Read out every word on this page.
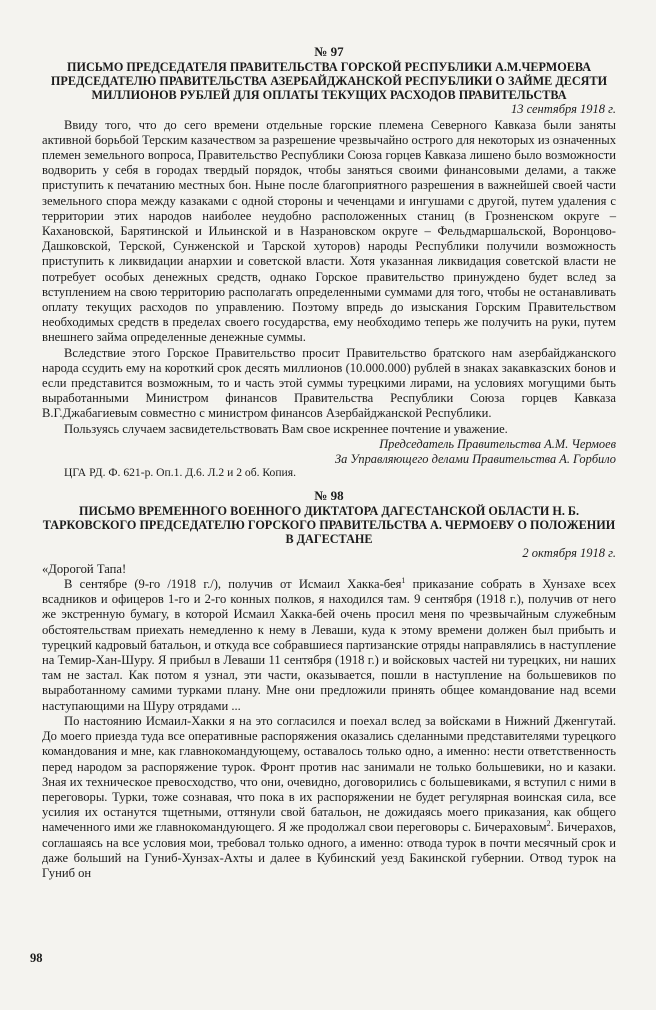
№ 97
ПИСЬМО ПРЕДСЕДАТЕЛЯ ПРАВИТЕЛЬСТВА ГОРСКОЙ РЕСПУБЛИКИ А.М.ЧЕРМОЕВА ПРЕДСЕДАТЕЛЮ ПРАВИТЕЛЬСТВА АЗЕРБАЙДЖАНСКОЙ РЕСПУБЛИКИ О ЗАЙМЕ ДЕСЯТИ МИЛЛИОНОВ РУБЛЕЙ ДЛЯ ОПЛАТЫ ТЕКУЩИХ РАСХОДОВ ПРАВИТЕЛЬСТВА
13 сентября 1918 г.

Ввиду того, что до сего времени отдельные горские племена Северного Кавказа были заняты активной борьбой Терским казачеством за разрешение чрезвычайно острого для некоторых из означенных племен земельного вопроса, Правительство Республики Союза горцев Кавказа лишено было возможности водворить у себя в городах твердый порядок, чтобы заняться своими финансовыми делами, а также приступить к печатанию местных бон. Ныне после благоприятного разрешения в важнейшей своей части земельного спора между казаками с одной стороны и чеченцами и ингушами с другой, путем удаления с территории этих народов наиболее неудобно расположенных станиц (в Грозненском округе – Кахановской, Барятинской и Ильинской и в Назрановском округе – Фельдмаршальской, Воронцово-Дашковской, Терской, Сунженской и Тарской хуторов) народы Республики получили возможность приступить к ликвидации анархии и советской власти. Хотя указанная ликвидация советской власти не потребует особых денежных средств, однако Горское правительство принуждено будет вслед за вступлением на свою территорию располагать определенными суммами для того, чтобы не останавливать оплату текущих расходов по управлению. Поэтому впредь до изыскания Горским Правительством необходимых средств в пределах своего государства, ему необходимо теперь же получить на руки, путем внешнего займа определенные денежные суммы.

Вследствие этого Горское Правительство просит Правительство братского нам азербайджанского народа ссудить ему на короткий срок десять миллионов (10.000.000) рублей в знаках закавказских бонов и если представится возможным, то и часть этой суммы турецкими лирами, на условиях могущими быть выработанными Министром финансов Правительства Республики Союза горцев Кавказа В.Г.Джабагиевым совместно с министром финансов Азербайджанской Республики.

Пользуясь случаем засвидетельствовать Вам свое искреннее почтение и уважение.

Председатель Правительства А.М. Чермоев
За Управляющего делами Правительства А. Горбило
ЦГА РД. Ф. 621-р. Оп.1. Д.6. Л.2 и 2 об. Копия.
№ 98
ПИСЬМО ВРЕМЕННОГО ВОЕННОГО ДИКТАТОРА ДАГЕСТАНСКОЙ ОБЛАСТИ Н. Б. ТАРКОВСКОГО ПРЕДСЕДАТЕЛЮ ГОРСКОГО ПРАВИТЕЛЬСТВА А. ЧЕРМОЕВУ О ПОЛОЖЕНИИ В ДАГЕСТАНЕ
2 октября 1918 г.

«Дорогой Тапа!

В сентябре (9-го /1918 г./), получив от Исмаил Хакка-бея$^1$ приказание собрать в Хунзахе всех всадников и офицеров 1-го и 2-го конных полков, я находился там. 9 сентября (1918 г.), получив от него же экстренную бумагу, в которой Исмаил Хакка-бей очень просил меня по чрезвычайным служебным обстоятельствам приехать немедленно к нему в Леваши, куда к этому времени должен был прибыть и турецкий кадровый батальон, и откуда все собравшиеся партизанские отряды направлялись в наступление на Темир-Хан-Шуру. Я прибыл в Леваши 11 сентября (1918 г.) и войсковых частей ни турецких, ни наших там не застал. Как потом я узнал, эти части, оказывается, пошли в наступление на большевиков по выработанному самими турками плану. Мне они предложили принять общее командование над всеми наступающими на Шуру отрядами ...

По настоянию Исмаил-Хакки я на это согласился и поехал вслед за войсками в Нижний Дженгутай. До моего приезда туда все оперативные распоряжения оказались сделанными представителями турецкого командования и мне, как главнокомандующему, оставалось только одно, а именно: нести ответственность перед народом за распоряжение турок. Фронт против нас занимали не только большевики, но и казаки. Зная их техническое превосходство, что они, очевидно, договорились с большевиками, я вступил с ними в переговоры. Турки, тоже сознавая, что пока в их распоряжении не будет регулярная воинская сила, все усилия их останутся тщетными, оттянули свой батальон, не дожидаясь моего приказания, как общего намеченного ими же главнокомандующего. Я же продолжал свои переговоры с. Бичераховым$^2$. Бичерахов, соглашаясь на все условия мои, требовал только одного, а именно: отвода турок в почти месячный срок и даже больший на Гуниб-Хунзах-Ахты и далее в Кубинский уезд Бакинской губернии. Отвод турок на Гуниб он

98
